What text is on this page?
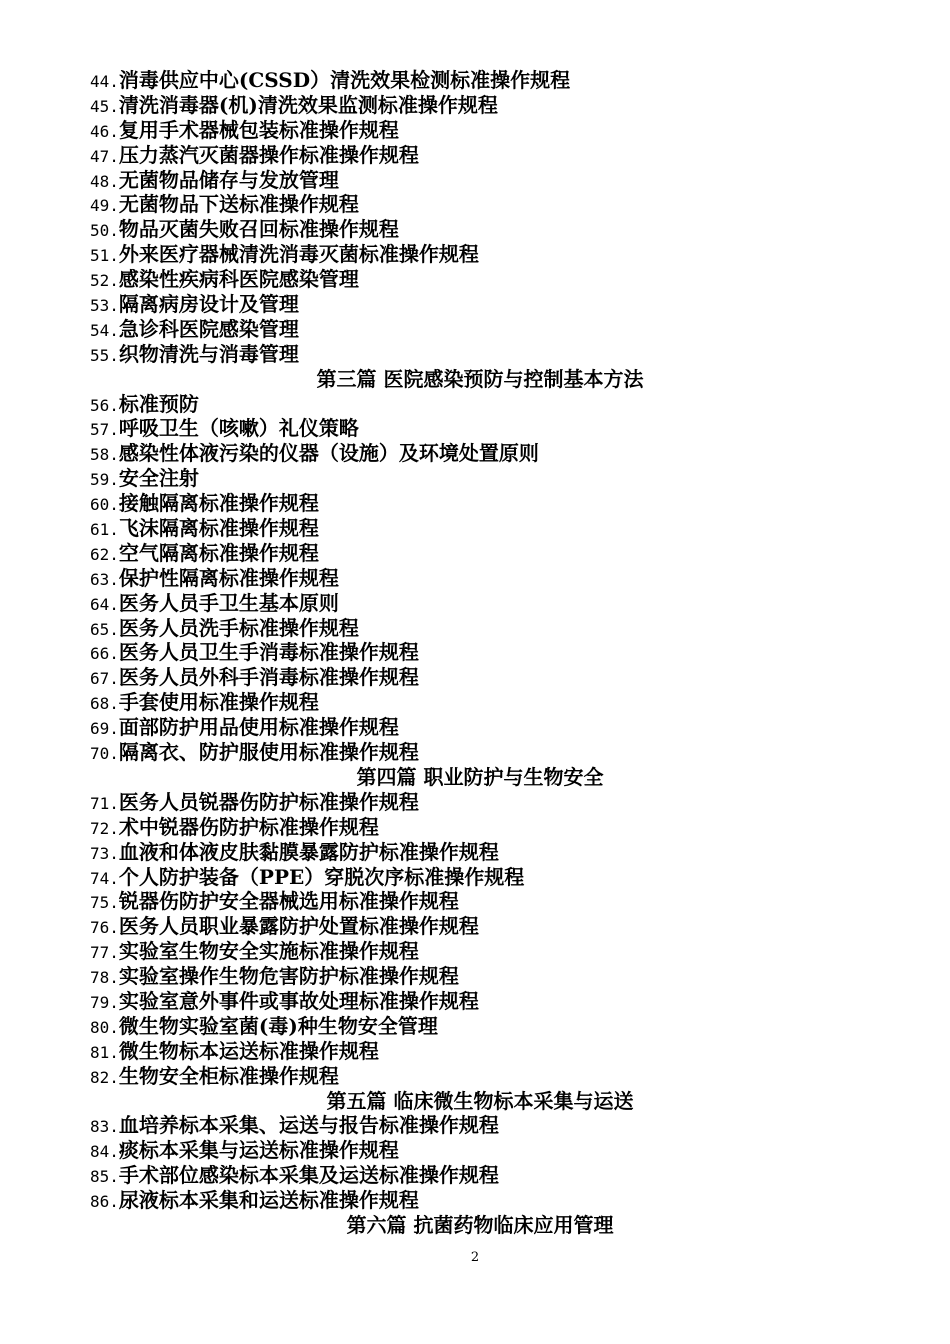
44.消毒供应中心(CSSD）清洗效果检测标准操作规程
45.清洗消毒器(机)清洗效果监测标准操作规程
46.复用手术器械包装标准操作规程
47.压力蒸汽灭菌器操作标准操作规程
48.无菌物品储存与发放管理
49.无菌物品下送标准操作规程
50.物品灭菌失败召回标准操作规程
51.外来医疗器械清洗消毒灭菌标准操作规程
52.感染性疾病科医院感染管理
53.隔离病房设计及管理
54.急诊科医院感染管理
55.织物清洗与消毒管理
第三篇 医院感染预防与控制基本方法
56.标准预防
57.呼吸卫生（咳嗽）礼仪策略
58.感染性体液污染的仪器（设施）及环境处置原则
59.安全注射
60.接触隔离标准操作规程
61.飞沫隔离标准操作规程
62.空气隔离标准操作规程
63.保护性隔离标准操作规程
64.医务人员手卫生基本原则
65.医务人员洗手标准操作规程
66.医务人员卫生手消毒标准操作规程
67.医务人员外科手消毒标准操作规程
68.手套使用标准操作规程
69.面部防护用品使用标准操作规程
70.隔离衣、防护服使用标准操作规程
第四篇 职业防护与生物安全
71.医务人员锐器伤防护标准操作规程
72.术中锐器伤防护标准操作规程
73.血液和体液皮肤黏膜暴露防护标准操作规程
74.个人防护装备（PPE）穿脱次序标准操作规程
75.锐器伤防护安全器械选用标准操作规程
76.医务人员职业暴露防护处置标准操作规程
77.实验室生物安全实施标准操作规程
78.实验室操作生物危害防护标准操作规程
79.实验室意外事件或事故处理标准操作规程
80.微生物实验室菌(毒)种生物安全管理
81.微生物标本运送标准操作规程
82.生物安全柜标准操作规程
第五篇 临床微生物标本采集与运送
83.血培养标本采集、运送与报告标准操作规程
84.痰标本采集与运送标准操作规程
85.手术部位感染标本采集及运送标准操作规程
86.尿液标本采集和运送标准操作规程
第六篇 抗菌药物临床应用管理
2
